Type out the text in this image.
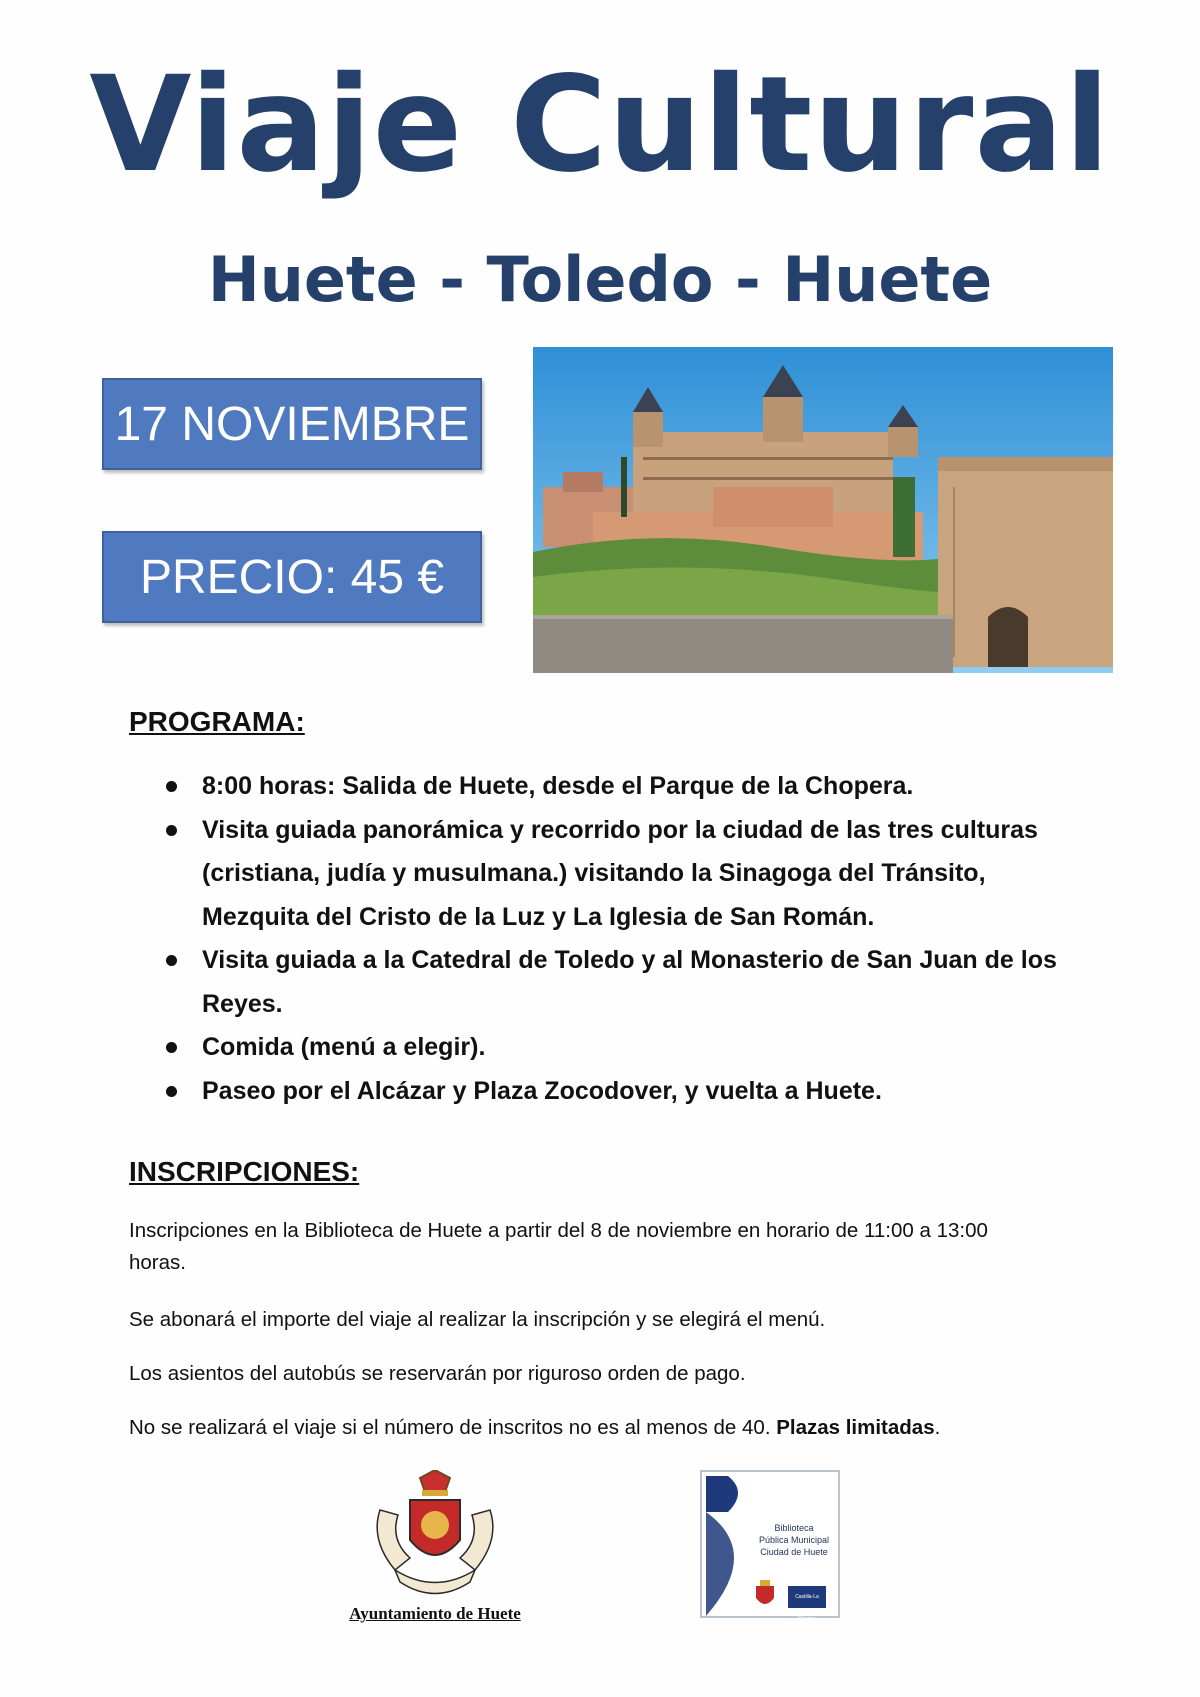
Viaje Cultural
Huete - Toledo - Huete
17 NOVIEMBRE
PRECIO: 45 €
PROGRAMA:
8:00 horas: Salida de Huete, desde el Parque de la Chopera.
Visita guiada panorámica y recorrido por la ciudad de las tres culturas (cristiana, judía y musulmana.) visitando la Sinagoga del Tránsito, Mezquita del Cristo de la Luz y La Iglesia de San Román.
Visita guiada a la Catedral de Toledo y al Monasterio de San Juan de los Reyes.
Comida (menú a elegir).
Paseo por el Alcázar y Plaza Zocodover, y vuelta a Huete.
INSCRIPCIONES:
Inscripciones en la Biblioteca de Huete a partir del 8 de noviembre en horario de 11:00 a 13:00 horas.
Se abonará el importe del viaje al realizar la inscripción y se elegirá el menú.
Los asientos del autobús se reservarán por riguroso orden de pago.
No se realizará el viaje si el número de inscritos no es al menos de 40. Plazas limitadas.
Ayuntamiento de Huete
Biblioteca
Pública Municipal
Ciudad de Huete
Castilla-La Mancha
